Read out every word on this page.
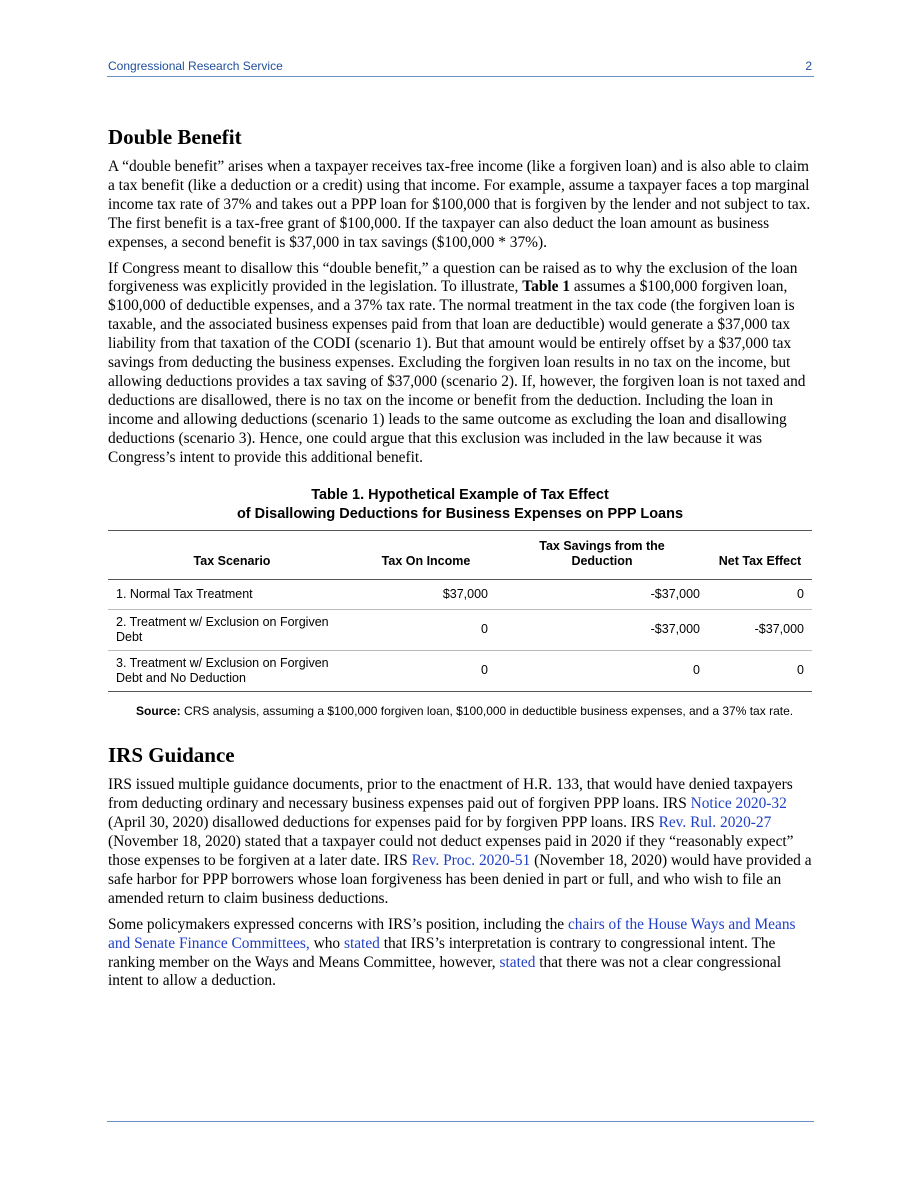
Congressional Research Service	2
Double Benefit

A “double benefit” arises when a taxpayer receives tax-free income (like a forgiven loan) and is also able to claim a tax benefit (like a deduction or a credit) using that income. For example, assume a taxpayer faces a top marginal income tax rate of 37% and takes out a PPP loan for $100,000 that is forgiven by the lender and not subject to tax. The first benefit is a tax-free grant of $100,000. If the taxpayer can also deduct the loan amount as business expenses, a second benefit is $37,000 in tax savings ($100,000 * 37%).

If Congress meant to disallow this “double benefit,” a question can be raised as to why the exclusion of the loan forgiveness was explicitly provided in the legislation. To illustrate, Table 1 assumes a $100,000 forgiven loan, $100,000 of deductible expenses, and a 37% tax rate. The normal treatment in the tax code (the forgiven loan is taxable, and the associated business expenses paid from that loan are deductible) would generate a $37,000 tax liability from that taxation of the CODI (scenario 1). But that amount would be entirely offset by a $37,000 tax savings from deducting the business expenses. Excluding the forgiven loan results in no tax on the income, but allowing deductions provides a tax saving of $37,000 (scenario 2). If, however, the forgiven loan is not taxed and deductions are disallowed, there is no tax on the income or benefit from the deduction. Including the loan in income and allowing deductions (scenario 1) leads to the same outcome as excluding the loan and disallowing deductions (scenario 3). Hence, one could argue that this exclusion was included in the law because it was Congress’s intent to provide this additional benefit.

Table 1. Hypothetical Example of Tax Effect
of Disallowing Deductions for Business Expenses on PPP Loans
Tax Scenario	Tax On Income	Tax Savings from the Deduction	Net Tax Effect
1. Normal Tax Treatment	$37,000	-$37,000	0
2. Treatment w/ Exclusion on Forgiven Debt	0	-$37,000	-$37,000
3. Treatment w/ Exclusion on Forgiven Debt and No Deduction	0	0	0
Source: CRS analysis, assuming a $100,000 forgiven loan, $100,000 in deductible business expenses, and a 37% tax rate.
IRS Guidance

IRS issued multiple guidance documents, prior to the enactment of H.R. 133, that would have denied taxpayers from deducting ordinary and necessary business expenses paid out of forgiven PPP loans. IRS Notice 2020-32 (April 30, 2020) disallowed deductions for expenses paid for by forgiven PPP loans. IRS Rev. Rul. 2020-27 (November 18, 2020) stated that a taxpayer could not deduct expenses paid in 2020 if they “reasonably expect” those expenses to be forgiven at a later date. IRS Rev. Proc. 2020-51 (November 18, 2020) would have provided a safe harbor for PPP borrowers whose loan forgiveness has been denied in part or full, and who wish to file an amended return to claim business deductions.

Some policymakers expressed concerns with IRS’s position, including the chairs of the House Ways and Means and Senate Finance Committees, who stated that IRS’s interpretation is contrary to congressional intent. The ranking member on the Ways and Means Committee, however, stated that there was not a clear congressional intent to allow a deduction.
